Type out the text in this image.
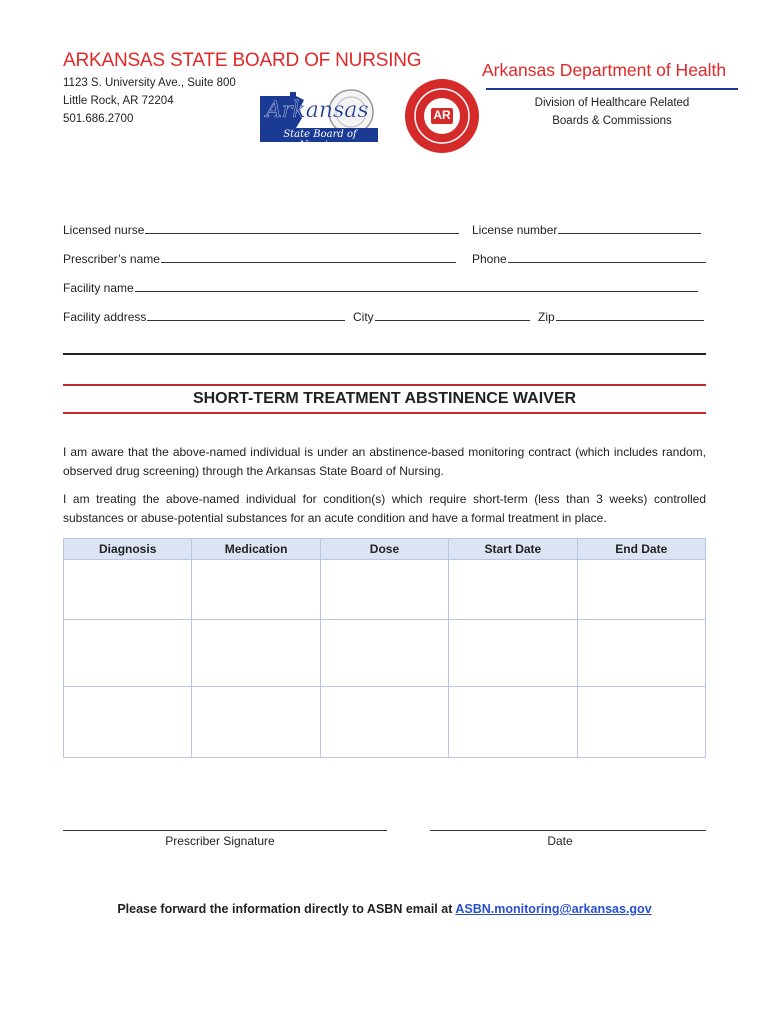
ARKANSAS STATE BOARD OF NURSING
1123 S. University Ave., Suite 800
Little Rock, AR 72204
501.686.2700	Arkansas
State Board of Nursing
AR
Arkansas Department of Health
Division of Healthcare Related
Boards & Commissions
Licensed nurse	License number
Prescriber’s name	Phone
Facility name
Facility address	City	Zip
SHORT-TERM TREATMENT ABSTINENCE WAIVER
I am aware that the above-named individual is under an abstinence-based monitoring contract (which includes random, observed drug screening) through the Arkansas State Board of Nursing.
I am treating the above-named individual for condition(s) which require short-term (less than 3 weeks) controlled substances or abuse-potential substances for an acute condition and have a formal treatment in place.
Diagnosis	Medication	Dose	Start Date	End Date

Prescriber Signature	Date
Please forward the information directly to ASBN email at ASBN.monitoring@arkansas.gov
